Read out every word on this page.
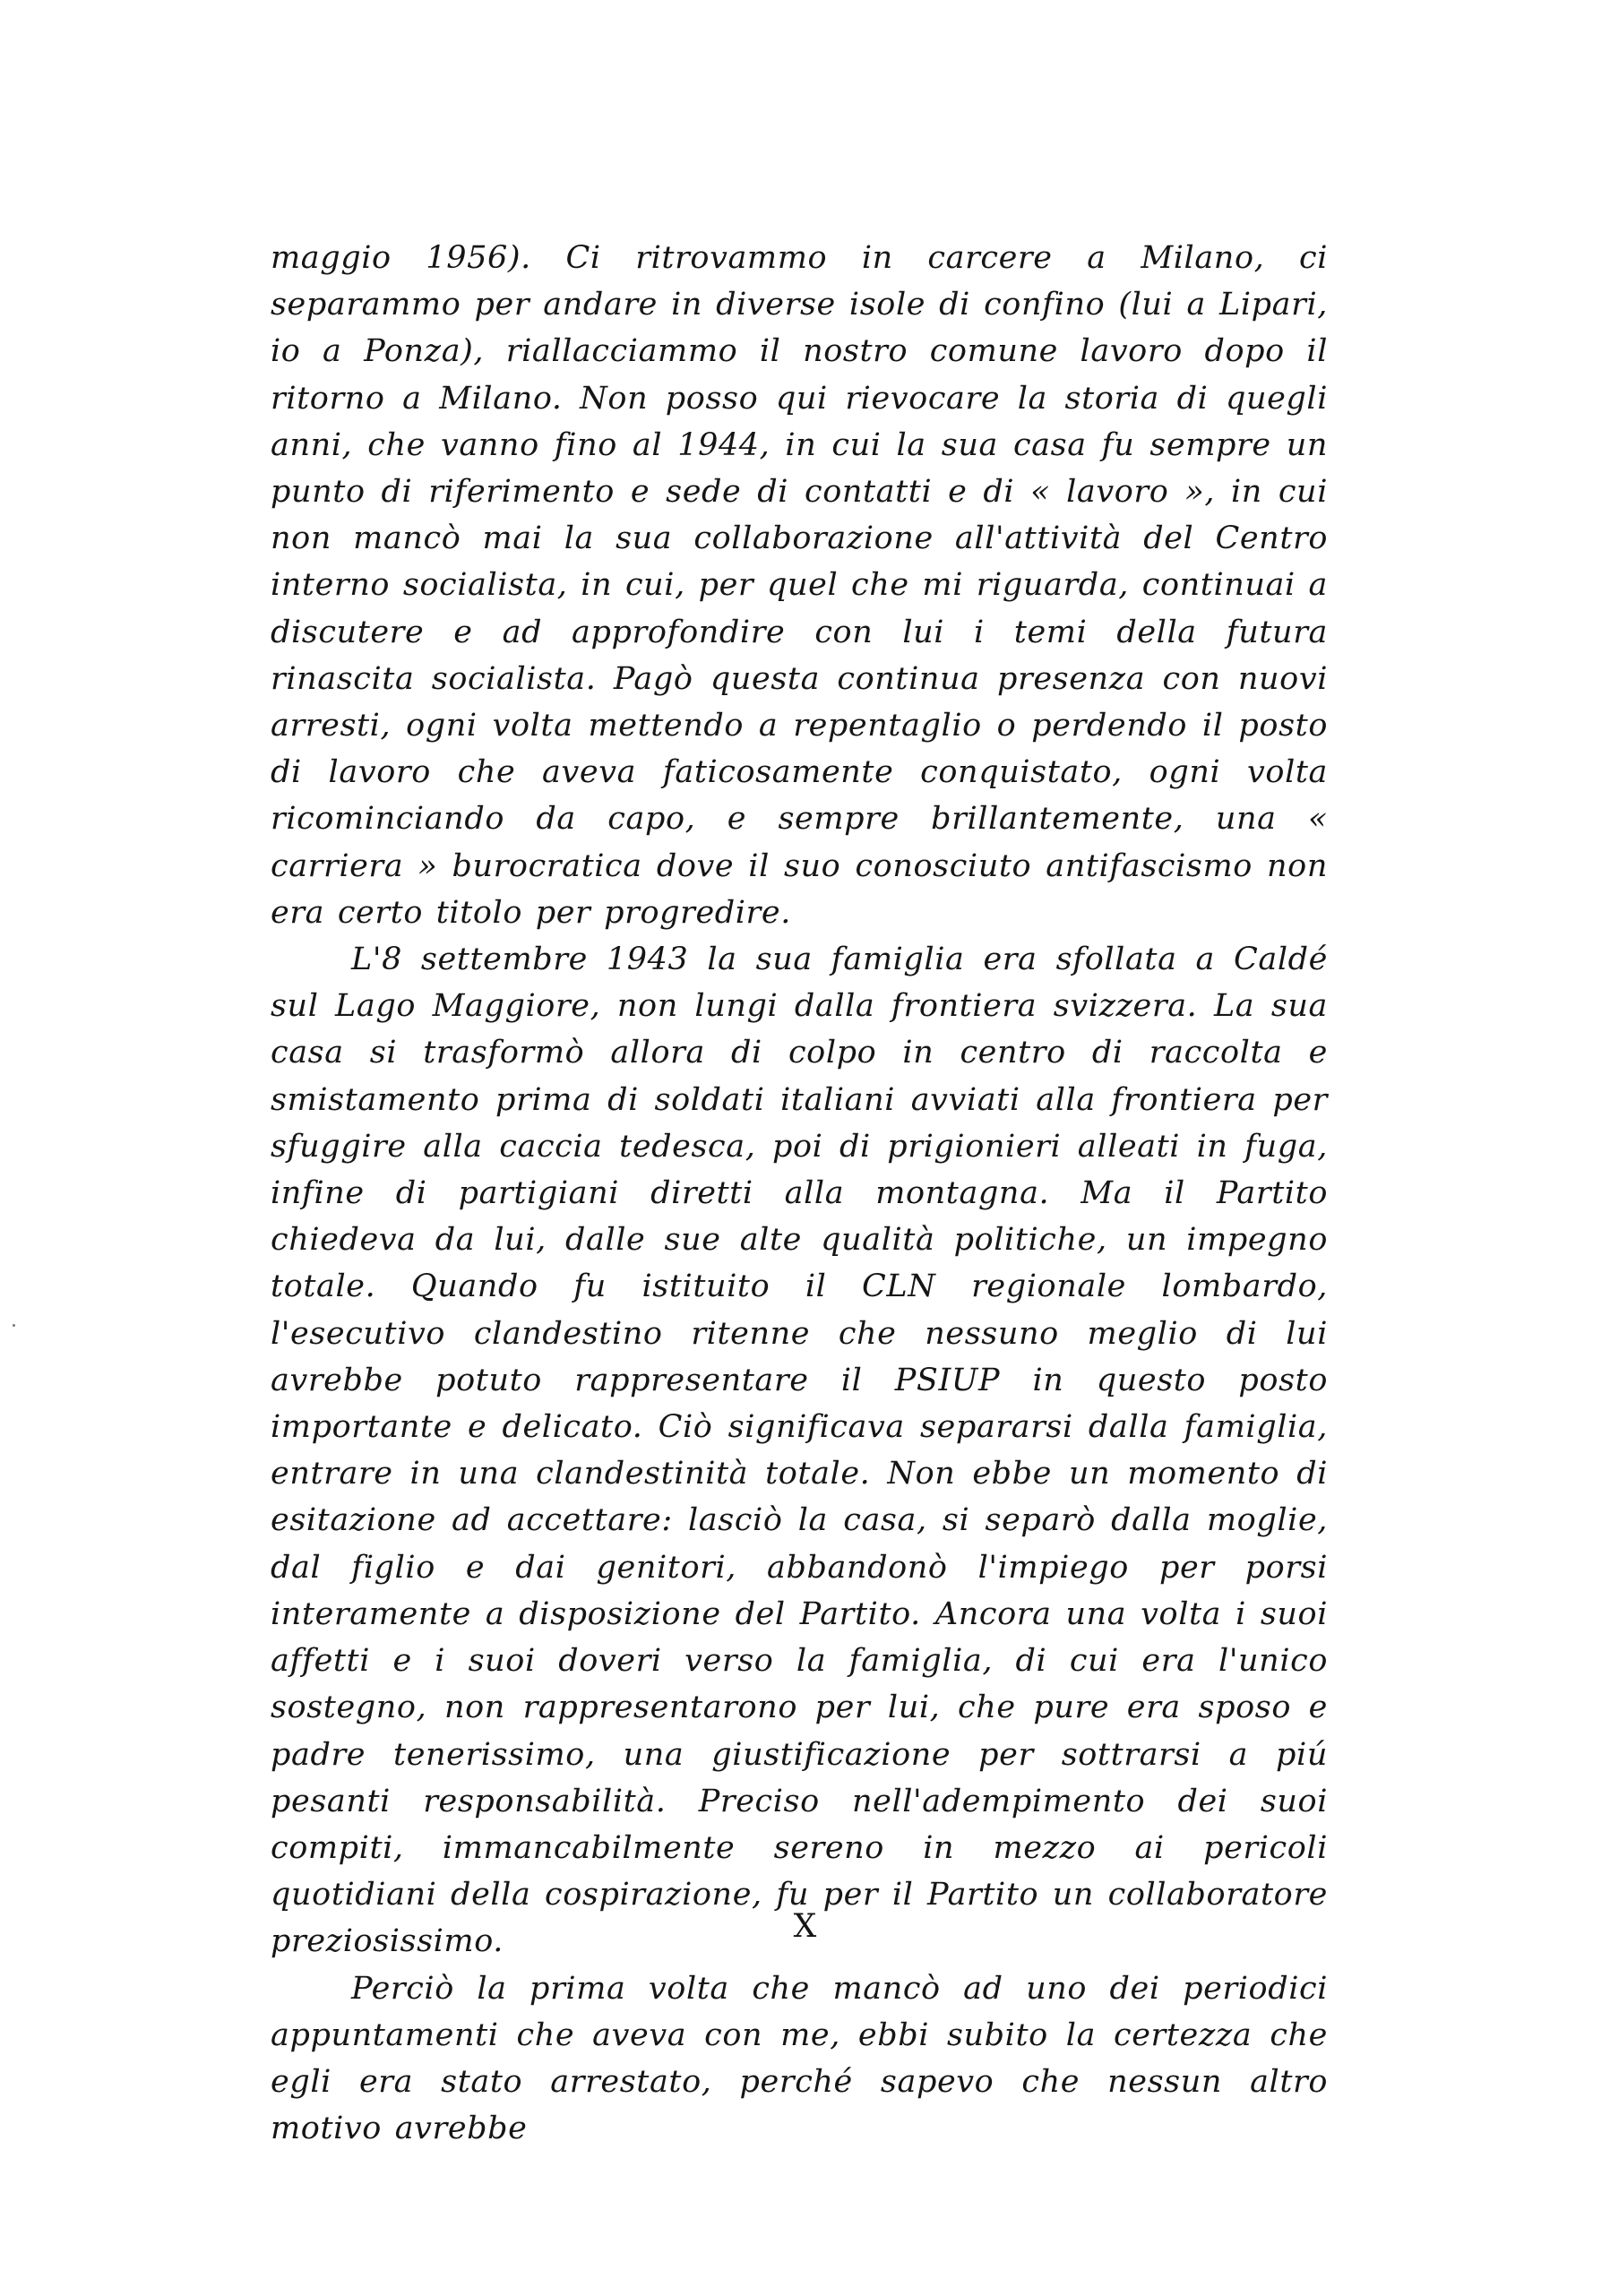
maggio 1956). Ci ritrovammo in carcere a Milano, ci separammo per andare in diverse isole di confino (lui a Lipari, io a Ponza), riallacciammo il nostro comune lavoro dopo il ritorno a Milano. Non posso qui rievocare la storia di quegli anni, che vanno fino al 1944, in cui la sua casa fu sempre un punto di riferimento e sede di contatti e di « lavoro », in cui non mancò mai la sua collaborazione all'attività del Centro interno socialista, in cui, per quel che mi riguarda, continuai a discutere e ad approfondire con lui i temi della futura rinascita socialista. Pagò questa continua presenza con nuovi arresti, ogni volta mettendo a repentaglio o perdendo il posto di lavoro che aveva faticosamente conquistato, ogni volta ricominciando da capo, e sempre brillantemente, una « carriera » burocratica dove il suo conosciuto antifascismo non era certo titolo per progredire.

L'8 settembre 1943 la sua famiglia era sfollata a Caldé sul Lago Maggiore, non lungi dalla frontiera svizzera. La sua casa si trasformò allora di colpo in centro di raccolta e smistamento prima di soldati italiani avviati alla frontiera per sfuggire alla caccia tedesca, poi di prigionieri alleati in fuga, infine di partigiani diretti alla montagna. Ma il Partito chiedeva da lui, dalle sue alte qualità politiche, un impegno totale. Quando fu istituito il CLN regionale lombardo, l'esecutivo clandestino ritenne che nessuno meglio di lui avrebbe potuto rappresentare il PSIUP in questo posto importante e delicato. Ciò significava separarsi dalla famiglia, entrare in una clandestinità totale. Non ebbe un momento di esitazione ad accettare: lasciò la casa, si separò dalla moglie, dal figlio e dai genitori, abbandonò l'impiego per porsi interamente a disposizione del Partito. Ancora una volta i suoi affetti e i suoi doveri verso la famiglia, di cui era l'unico sostegno, non rappresentarono per lui, che pure era sposo e padre tenerissimo, una giustificazione per sottrarsi a piú pesanti responsabilità. Preciso nell'adempimento dei suoi compiti, immancabilmente sereno in mezzo ai pericoli quotidiani della cospirazione, fu per il Partito un collaboratore preziosissimo.

Perciò la prima volta che mancò ad uno dei periodici appuntamenti che aveva con me, ebbi subito la certezza che egli era stato arrestato, perché sapevo che nessun altro motivo avrebbe

X
